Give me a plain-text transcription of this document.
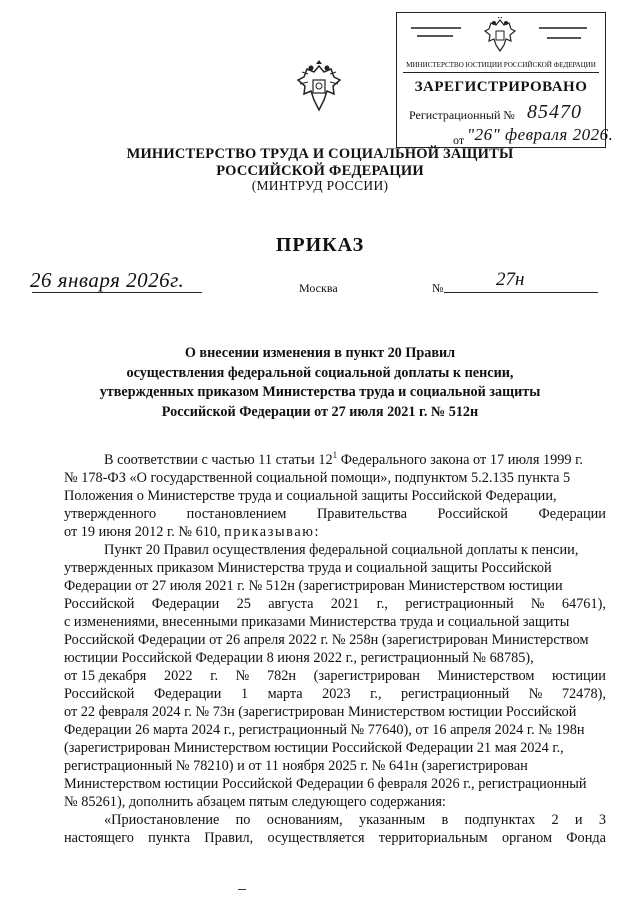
МИНИСТЕРСТВО ЮСТИЦИИ РОССИЙСКОЙ ФЕДЕРАЦИИ
ЗАРЕГИСТРИРОВАНО
Регистрационный № 85470
от "26" февраля 2026.
МИНИСТЕРСТВО ТРУДА И СОЦИАЛЬНОЙ ЗАЩИТЫ
РОССИЙСКОЙ ФЕДЕРАЦИИ
(МИНТРУД РОССИИ)
ПРИКАЗ
26 января 2026г.	Москва	№	27н
О внесении изменения в пункт 20 Правил
осуществления федеральной социальной доплаты к пенсии,
утвержденных приказом Министерства труда и социальной защиты
Российской Федерации от 27 июля 2021 г. № 512н
В соответствии с частью 11 статьи $12^1$ Федерального закона от 17 июля 1999 г.
№ 178-ФЗ «О государственной социальной помощи», подпунктом 5.2.135 пункта 5
Положения о Министерстве труда и социальной защиты Российской Федерации,
утвержденного постановлением Правительства Российской Федерации
от 19 июня 2012 г. № 610, приказываю:
Пункт 20 Правил осуществления федеральной социальной доплаты к пенсии,
утвержденных приказом Министерства труда и социальной защиты Российской
Федерации от 27 июля 2021 г. № 512н (зарегистрирован Министерством юстиции
Российской Федерации 25 августа 2021 г., регистрационный № 64761),
с изменениями, внесенными приказами Министерства труда и социальной защиты
Российской Федерации от 26 апреля 2022 г. № 258н (зарегистрирован Министерством
юстиции Российской Федерации 8 июня 2022 г., регистрационный № 68785),
от 15 декабря 2022 г. № 782н (зарегистрирован Министерством юстиции
Российской Федерации 1 марта 2023 г., регистрационный № 72478),
от 22 февраля 2024 г. № 73н (зарегистрирован Министерством юстиции Российской
Федерации 26 марта 2024 г., регистрационный № 77640), от 16 апреля 2024 г. № 198н
(зарегистрирован Министерством юстиции Российской Федерации 21 мая 2024 г.,
регистрационный № 78210) и от 11 ноября 2025 г. № 641н (зарегистрирован
Министерством юстиции Российской Федерации 6 февраля 2026 г., регистрационный
№ 85261), дополнить абзацем пятым следующего содержания:
«Приостановление по основаниям, указанным в подпунктах 2 и 3
настоящего пункта Правил, осуществляется территориальным органом Фонда
